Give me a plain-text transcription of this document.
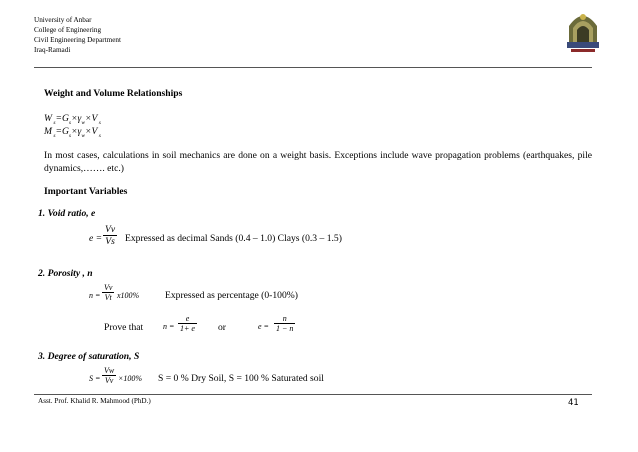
University of Anbar
College of Engineering
Civil Engineering Department
Iraq-Ramadi
Weight and Volume Relationships
W $_s=G_s\times\gamma_w\times V$ $_s$
M $_s=G_s\times\gamma_w\times V$ $_s$
In most cases, calculations in soil mechanics are done on a weight basis. Exceptions include wave propagation problems (earthquakes, pile dynamics,……. etc.)
Important Variables
1. Void ratio, e
e =
Vv
Vs Expressed as decimal Sands (0.4 – 1.0) Clays (0.3 – 1.5)
2. Porosity , n
n =
Vv
Vt x100%	Expressed as percentage (0-100%)
Prove that n =
e
1+ e or	e =
n
1 − n
3. Degree of saturation, S
S =
Vw
Vv ×100% S = 0 % Dry Soil, S = 100 % Saturated soil
Asst. Prof. Khalid R. Mahmood (PhD.)	41
